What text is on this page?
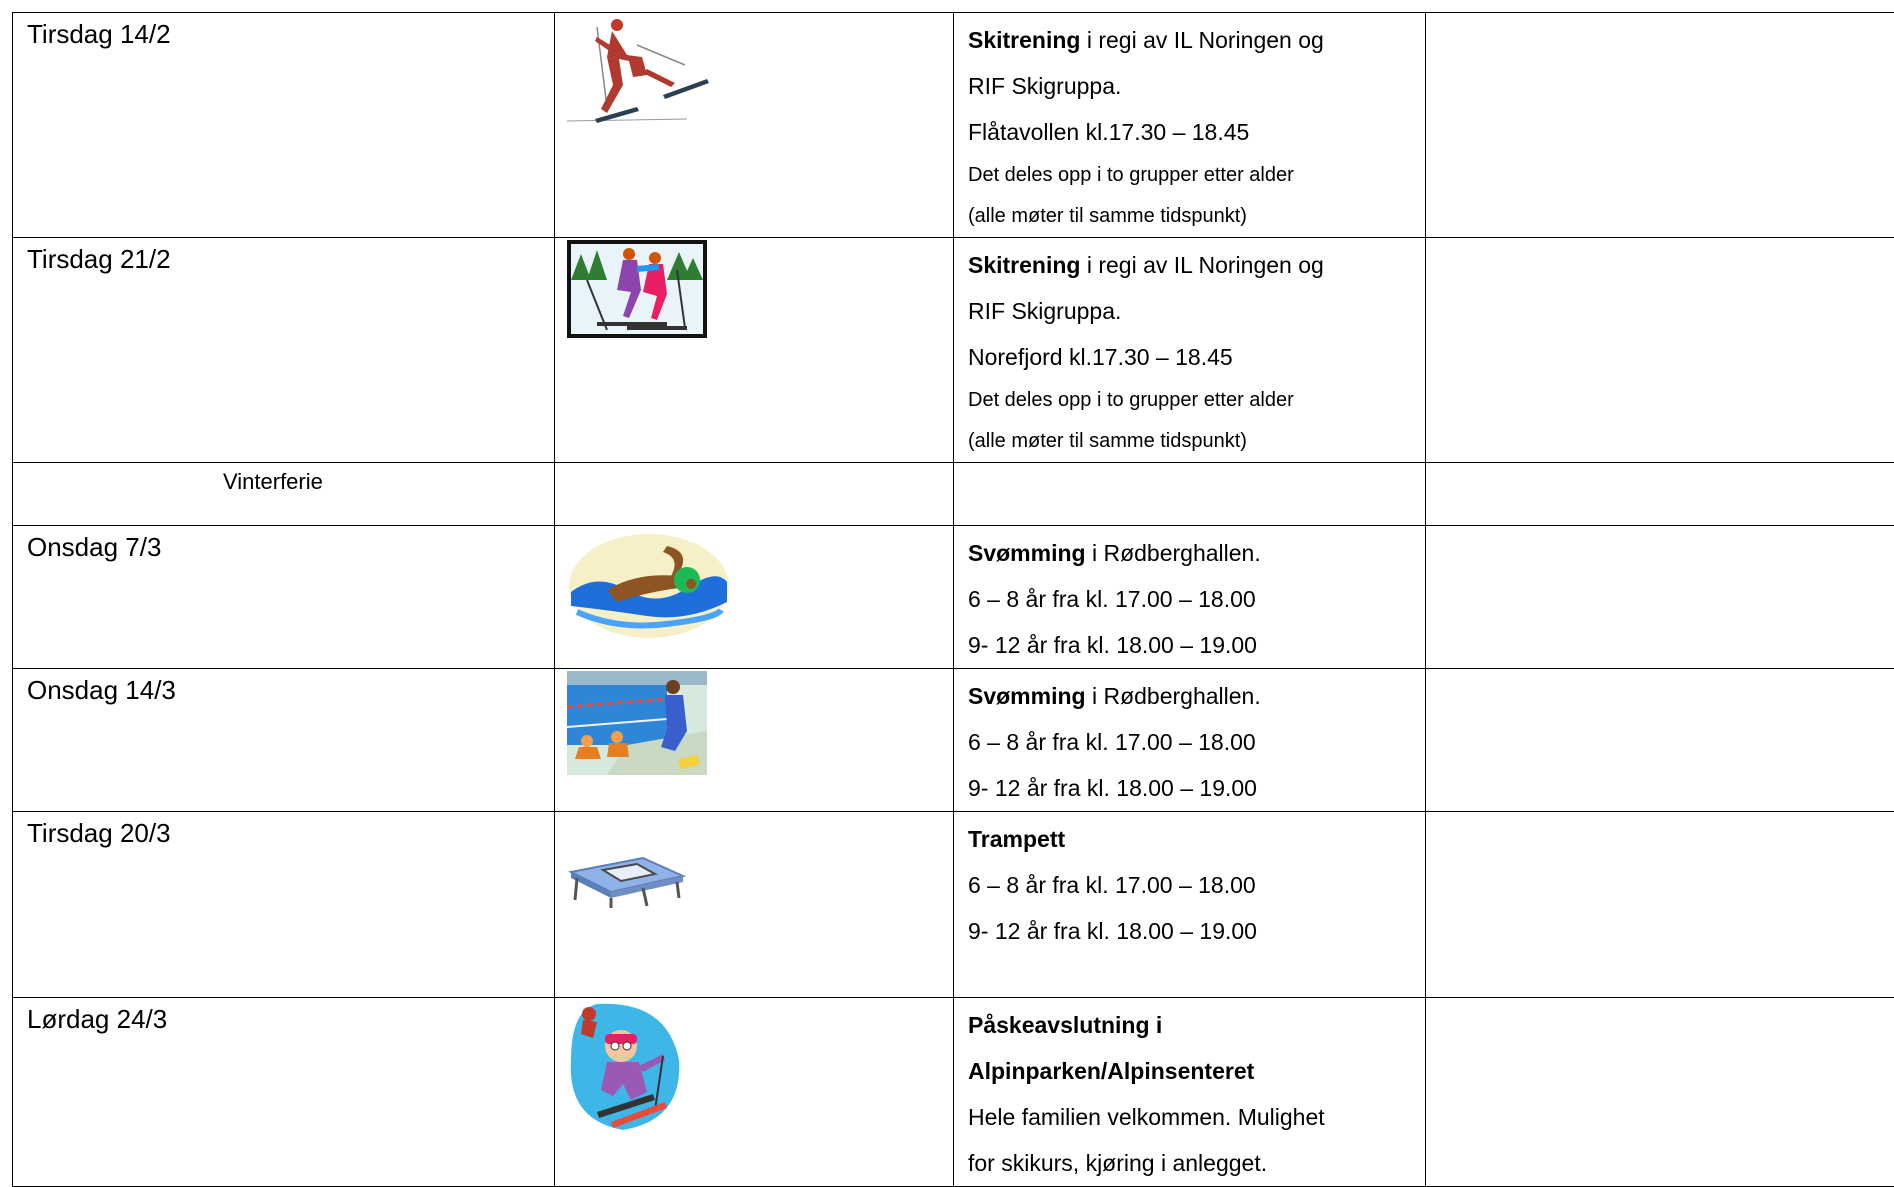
Tirsdag 14/2		Skitrening i regi av IL Noringen og
RIF Skigruppa.
Flåtavollen kl.17.30 – 18.45
Det deles opp i to grupper etter alder
(alle møter til samme tidspunkt)	

Tirsdag 21/2		Skitrening i regi av IL Noringen og
RIF Skigruppa.
Norefjord kl.17.30 – 18.45
Det deles opp i to grupper etter alder
(alle møter til samme tidspunkt)	

Vinterferie			

Onsdag 7/3		Svømming i Rødberghallen.
6 – 8 år fra kl. 17.00 – 18.00
9- 12 år fra kl. 18.00 – 19.00	

Onsdag 14/3		Svømming i Rødberghallen.
6 – 8 år fra kl. 17.00 – 18.00
9- 12 år fra kl. 18.00 – 19.00	

Tirsdag 20/3		Trampett
6 – 8 år fra kl. 17.00 – 18.00
9- 12 år fra kl. 18.00 – 19.00	

Lørdag 24/3		Påskeavslutning i
Alpinparken/Alpinsenteret
Hele familien velkommen. Mulighet
for skikurs, kjøring i anlegget.	
